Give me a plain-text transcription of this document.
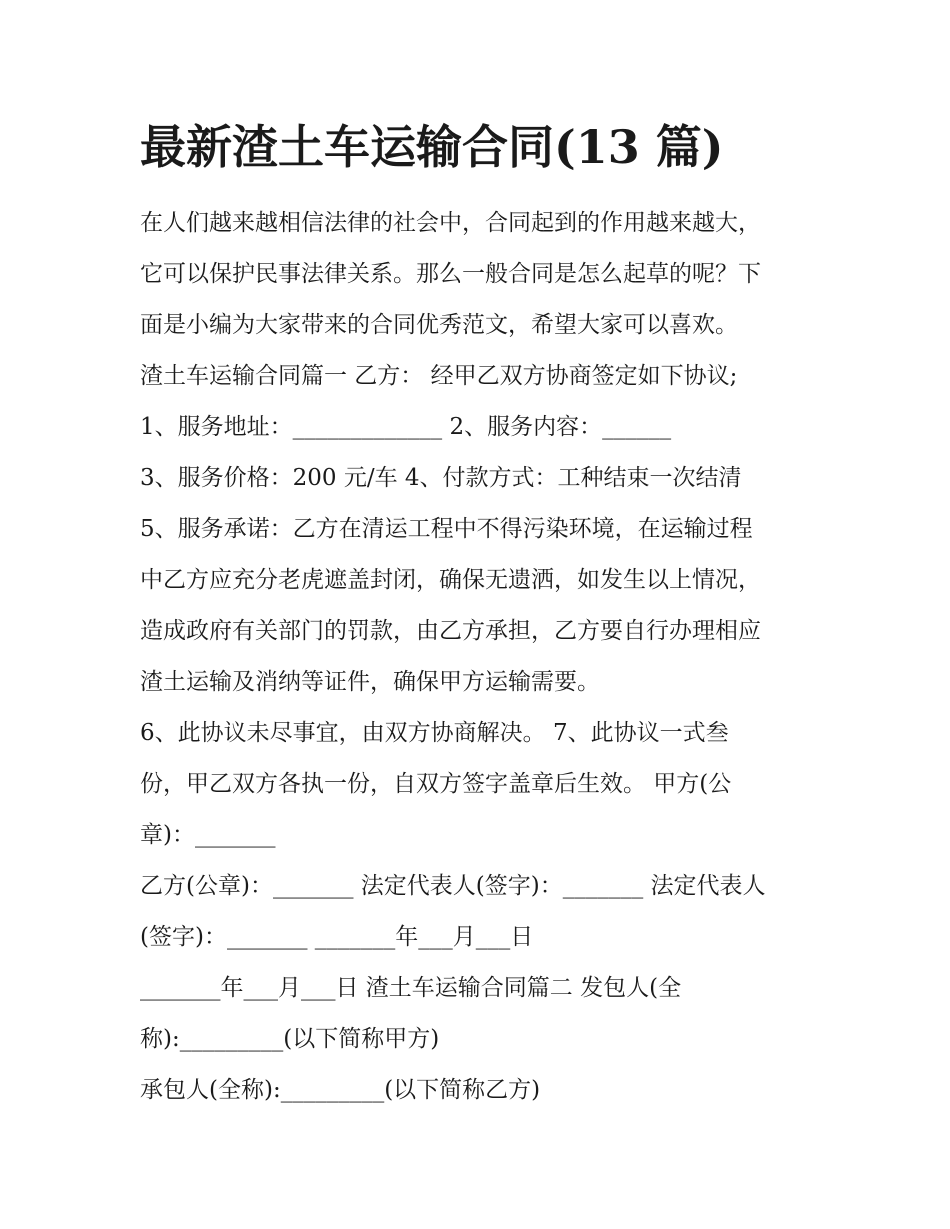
最新渣土车运输合同(13 篇)

在人们越来越相信法律的社会中，合同起到的作用越来越大，

它可以保护民事法律关系。那么一般合同是怎么起草的呢？下

面是小编为大家带来的合同优秀范文，希望大家可以喜欢。

渣土车运输合同篇一 乙方： 经甲乙双方协商签定如下协议;

1、服务地址：_____________ 2、服务内容：______

3、服务价格：200 元/车 4、付款方式：工种结束一次结清

5、服务承诺：乙方在清运工程中不得污染环境，在运输过程

中乙方应充分老虎遮盖封闭，确保无遗洒，如发生以上情况，

造成政府有关部门的罚款，由乙方承担，乙方要自行办理相应

渣土运输及消纳等证件，确保甲方运输需要。

6、此协议未尽事宜，由双方协商解决。 7、此协议一式叁

份，甲乙双方各执一份，自双方签字盖章后生效。 甲方(公

章)：_______

乙方(公章)：_______ 法定代表人(签字)：_______ 法定代表人

(签字)：_______ _______年___月___日

_______年___月___日 渣土车运输合同篇二 发包人(全

称):_________(以下简称甲方)

承包人(全称):_________(以下简称乙方)
